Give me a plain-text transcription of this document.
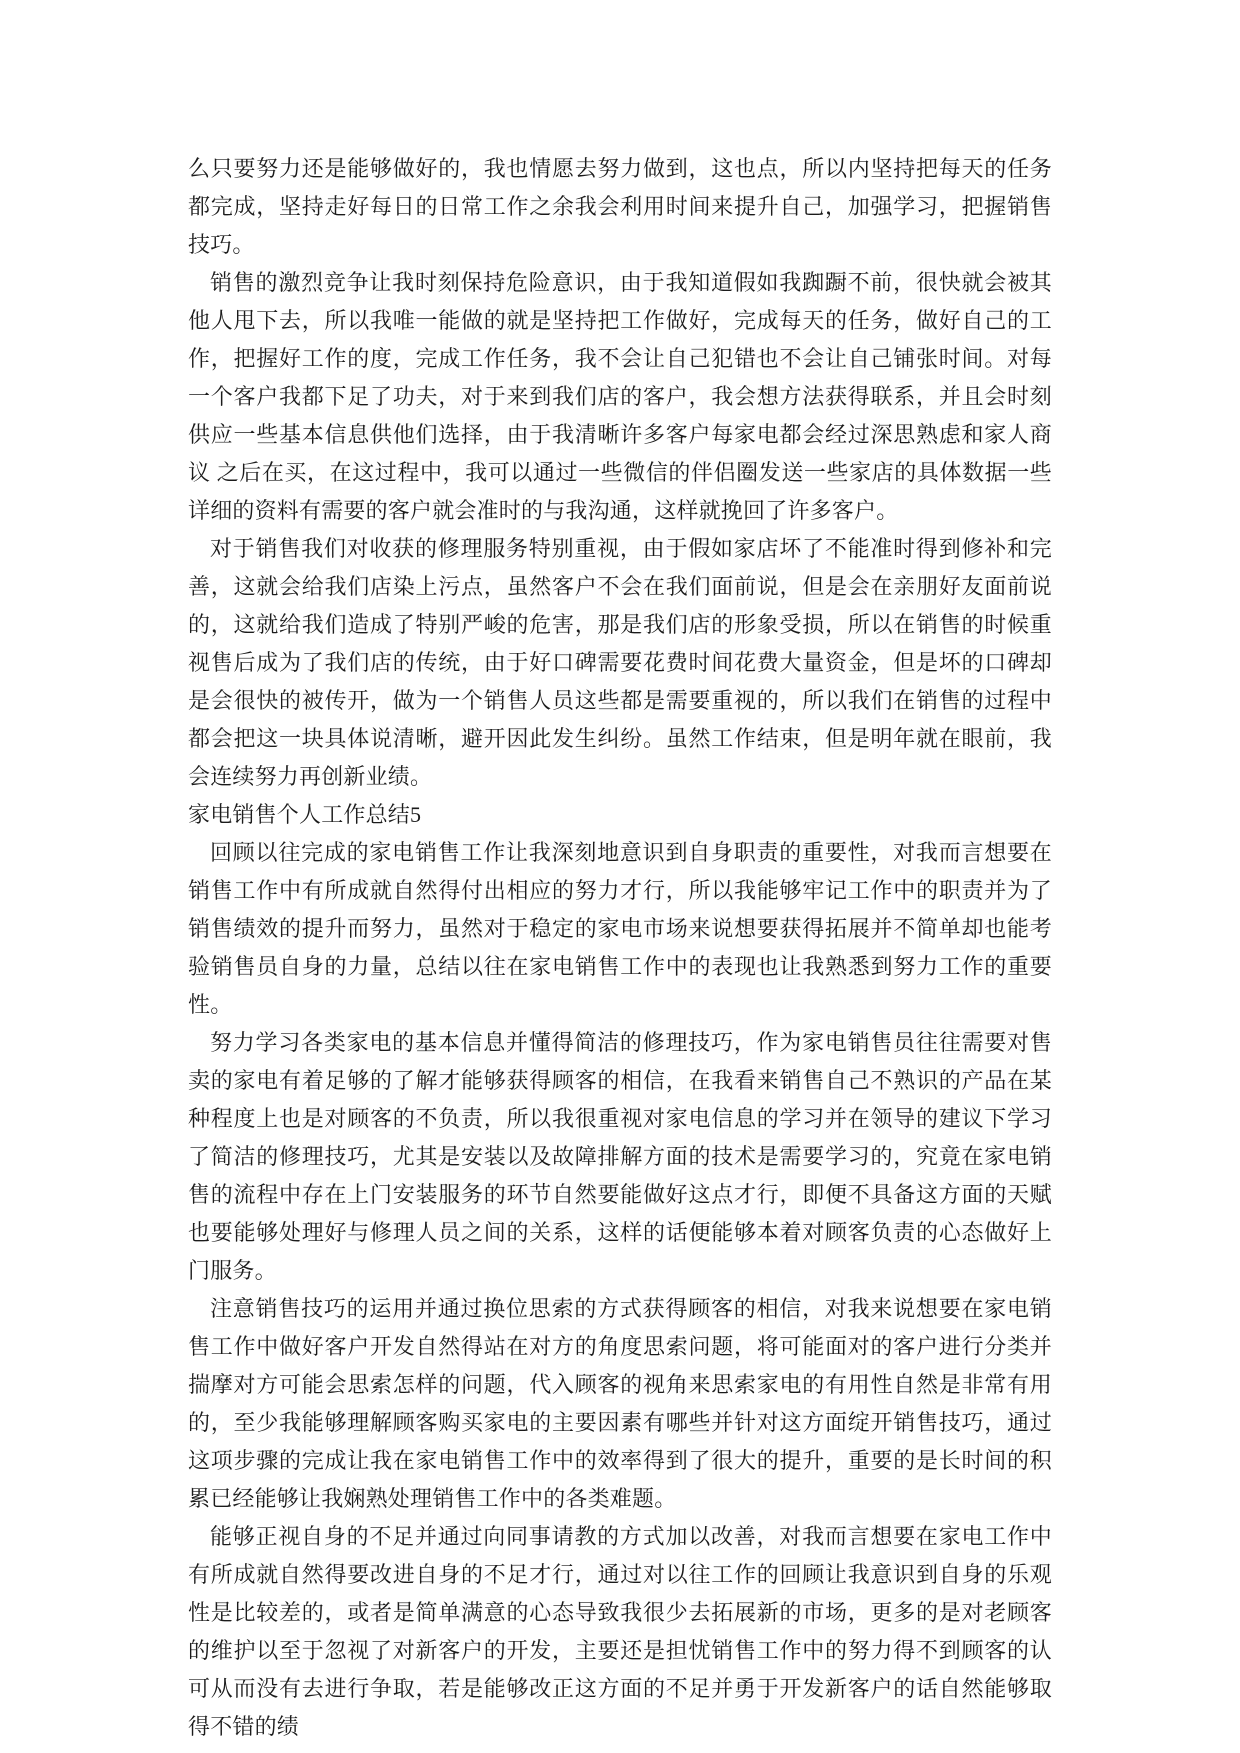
么只要努力还是能够做好的，我也情愿去努力做到，这也点，所以内坚持把每天的任务都完成，坚持走好每日的日常工作之余我会利用时间来提升自己，加强学习，把握销售技巧。

销售的激烈竞争让我时刻保持危险意识，由于我知道假如我踟蹰不前，很快就会被其他人甩下去，所以我唯一能做的就是坚持把工作做好，完成每天的任务，做好自己的工作，把握好工作的度，完成工作任务，我不会让自己犯错也不会让自己铺张时间。对每一个客户我都下足了功夫，对于来到我们店的客户，我会想方法获得联系，并且会时刻供应一些基本信息供他们选择，由于我清晰许多客户每家电都会经过深思熟虑和家人商议 之后在买，在这过程中，我可以通过一些微信的伴侣圈发送一些家店的具体数据一些详细的资料有需要的客户就会准时的与我沟通，这样就挽回了许多客户。

对于销售我们对收获的修理服务特别重视，由于假如家店坏了不能准时得到修补和完善，这就会给我们店染上污点，虽然客户不会在我们面前说，但是会在亲朋好友面前说的，这就给我们造成了特别严峻的危害，那是我们店的形象受损，所以在销售的时候重视售后成为了我们店的传统，由于好口碑需要花费时间花费大量资金，但是坏的口碑却是会很快的被传开，做为一个销售人员这些都是需要重视的，所以我们在销售的过程中都会把这一块具体说清晰，避开因此发生纠纷。虽然工作结束，但是明年就在眼前，我会连续努力再创新业绩。

家电销售个人工作总结5

回顾以往完成的家电销售工作让我深刻地意识到自身职责的重要性，对我而言想要在销售工作中有所成就自然得付出相应的努力才行，所以我能够牢记工作中的职责并为了销售绩效的提升而努力，虽然对于稳定的家电市场来说想要获得拓展并不简单却也能考验销售员自身的力量，总结以往在家电销售工作中的表现也让我熟悉到努力工作的重要性。

努力学习各类家电的基本信息并懂得简洁的修理技巧，作为家电销售员往往需要对售卖的家电有着足够的了解才能够获得顾客的相信，在我看来销售自己不熟识的产品在某种程度上也是对顾客的不负责，所以我很重视对家电信息的学习并在领导的建议下学习了简洁的修理技巧，尤其是安装以及故障排解方面的技术是需要学习的，究竟在家电销售的流程中存在上门安装服务的环节自然要能做好这点才行，即便不具备这方面的天赋也要能够处理好与修理人员之间的关系，这样的话便能够本着对顾客负责的心态做好上门服务。

注意销售技巧的运用并通过换位思索的方式获得顾客的相信，对我来说想要在家电销售工作中做好客户开发自然得站在对方的角度思索问题，将可能面对的客户进行分类并揣摩对方可能会思索怎样的问题，代入顾客的视角来思索家电的有用性自然是非常有用的，至少我能够理解顾客购买家电的主要因素有哪些并针对这方面绽开销售技巧，通过这项步骤的完成让我在家电销售工作中的效率得到了很大的提升，重要的是长时间的积累已经能够让我娴熟处理销售工作中的各类难题。

能够正视自身的不足并通过向同事请教的方式加以改善，对我而言想要在家电工作中有所成就自然得要改进自身的不足才行，通过对以往工作的回顾让我意识到自身的乐观性是比较差的，或者是简单满意的心态导致我很少去拓展新的市场，更多的是对老顾客的维护以至于忽视了对新客户的开发，主要还是担忧销售工作中的努力得不到顾客的认可从而没有去进行争取，若是能够改正这方面的不足并勇于开发新客户的话自然能够取得不错的绩
